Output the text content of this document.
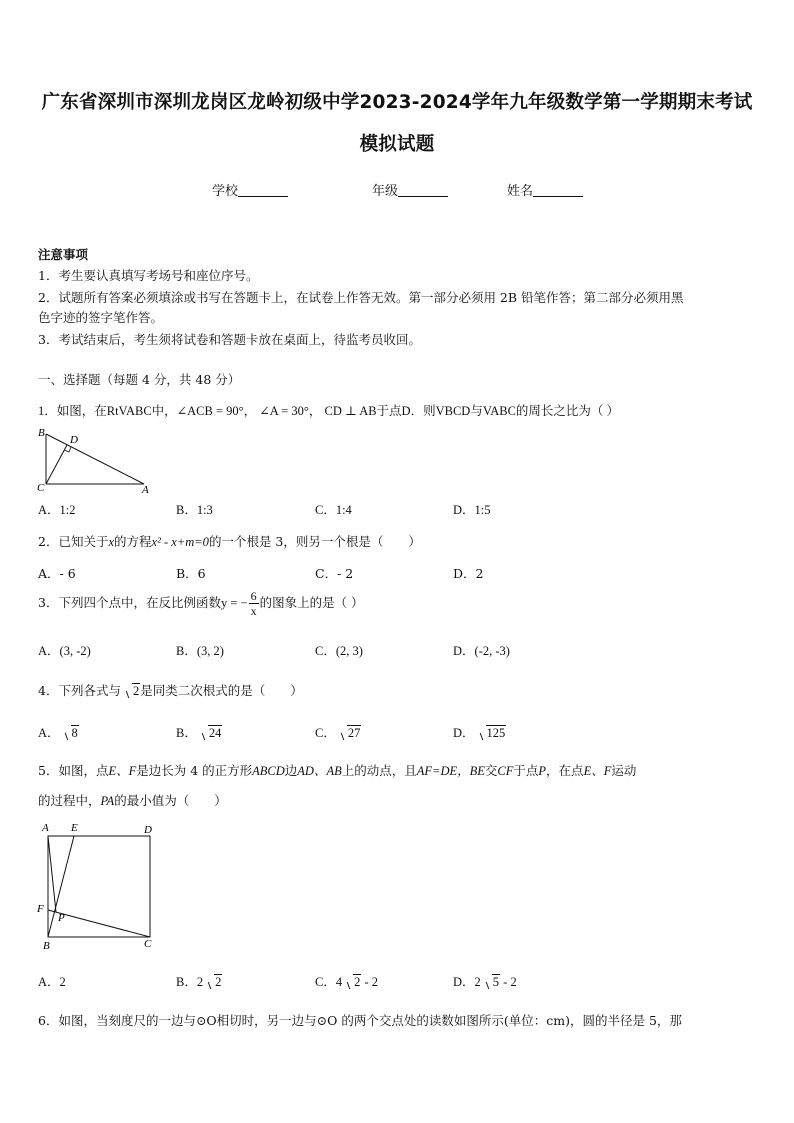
广东省深圳市深圳龙岗区龙岭初级中学2023-2024学年九年级数学第一学期期末考试
模拟试题
学校	年级	姓名
注意事项
1．考生要认真填写考场号和座位序号。
2．试题所有答案必须填涂或书写在答题卡上，在试卷上作答无效。第一部分必须用 2B 铅笔作答；第二部分必须用黑
色字迹的签字笔作答。
3．考试结束后，考生须将试卷和答题卡放在桌面上，待监考员收回。
一、选择题（每题 4 分，共 48 分）
1．如图，在RtVABC中，∠ACB = 90°， ∠A = 30°， CD ⊥ AB于点D．则VBCD与VABC的周长之比为（ ）
B
D
C	A
A．1:2	B．1:3	C．1:4	D．1:5
2．已知关于x的方程x² - x+m=0的一个根是 3，则另一个根是（　　）
A．- 6	B．6	C．- 2	D．2
3．下列四个点中，在反比例函数y = − $\frac{6}{x}$ 的图象上的是（ ）
A．(3, -2)	B．(3, 2)	C．(2, 3)	D．(-2, -3)
4．下列各式与 2是同类二次根式的是（　　）
A． 8	B． 24	C． 27	D． 125
5．如图，点E、F是边长为 4 的正方形ABCD边AD、AB上的动点，且AF=DE，BE交CF于点P，在点E、F运动
的过程中，PA的最小值为（　　）
A E	D
F
P
B	C
A．2	B．2 2	C．4 2 - 2	D．2 5 - 2
6．如图，当刻度尺的一边与⊙O相切时，另一边与⊙O 的两个交点处的读数如图所示(单位：cm)，圆的半径是 5，那
